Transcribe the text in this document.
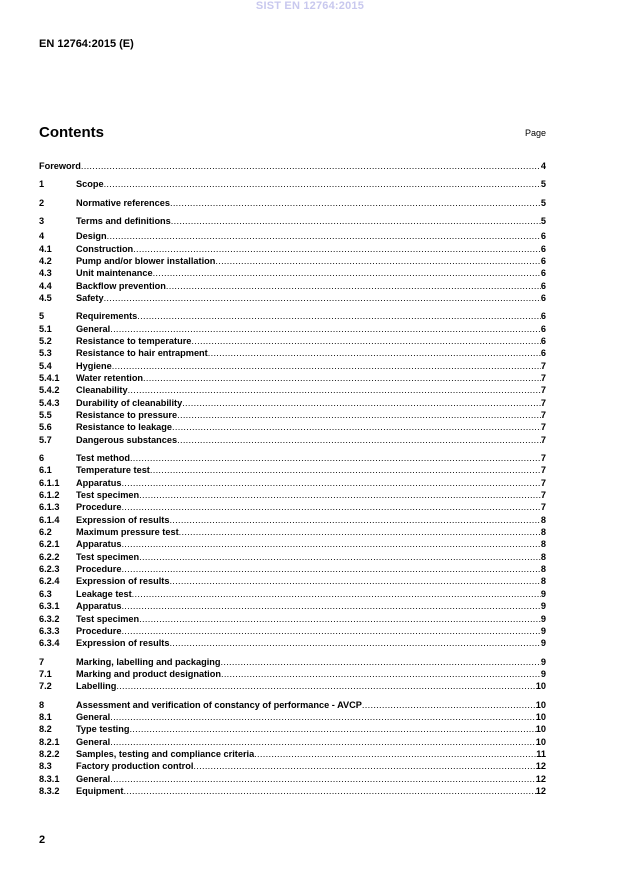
SIST EN 12764:2015
EN 12764:2015 (E)
Contents	Page
Foreword .....	4
1	Scope .....	5
2	Normative references .....	5
3	Terms and definitions .....	5
4	Design .....	6
4.1	Construction .....	6
4.2	Pump and/or blower installation .....	6
4.3	Unit maintenance .....	6
4.4	Backflow prevention .....	6
4.5	Safety .....	6
5	Requirements .....	6
5.1	General .....	6
5.2	Resistance to temperature .....	6
5.3	Resistance to hair entrapment .....	6
5.4	Hygiene .....	7
5.4.1	Water retention .....	7
5.4.2	Cleanability .....	7
5.4.3	Durability of cleanability .....	7
5.5	Resistance to pressure .....	7
5.6	Resistance to leakage .....	7
5.7	Dangerous substances .....	7
6	Test method .....	7
6.1	Temperature test .....	7
6.1.1	Apparatus .....	7
6.1.2	Test specimen .....	7
6.1.3	Procedure .....	7
6.1.4	Expression of results .....	8
6.2	Maximum pressure test .....	8
6.2.1	Apparatus .....	8
6.2.2	Test specimen .....	8
6.2.3	Procedure .....	8
6.2.4	Expression of results .....	8
6.3	Leakage test .....	9
6.3.1	Apparatus .....	9
6.3.2	Test specimen .....	9
6.3.3	Procedure .....	9
6.3.4	Expression of results .....	9
7	Marking, labelling and packaging .....	9
7.1	Marking and product designation .....	9
7.2	Labelling .....	10
8	Assessment and verification of constancy of performance - AVCP .....	10
8.1	General .....	10
8.2	Type testing .....	10
8.2.1	General .....	10
8.2.2	Samples, testing and compliance criteria .....	11
8.3	Factory production control .....	12
8.3.1	General .....	12
8.3.2	Equipment .....	12
2
